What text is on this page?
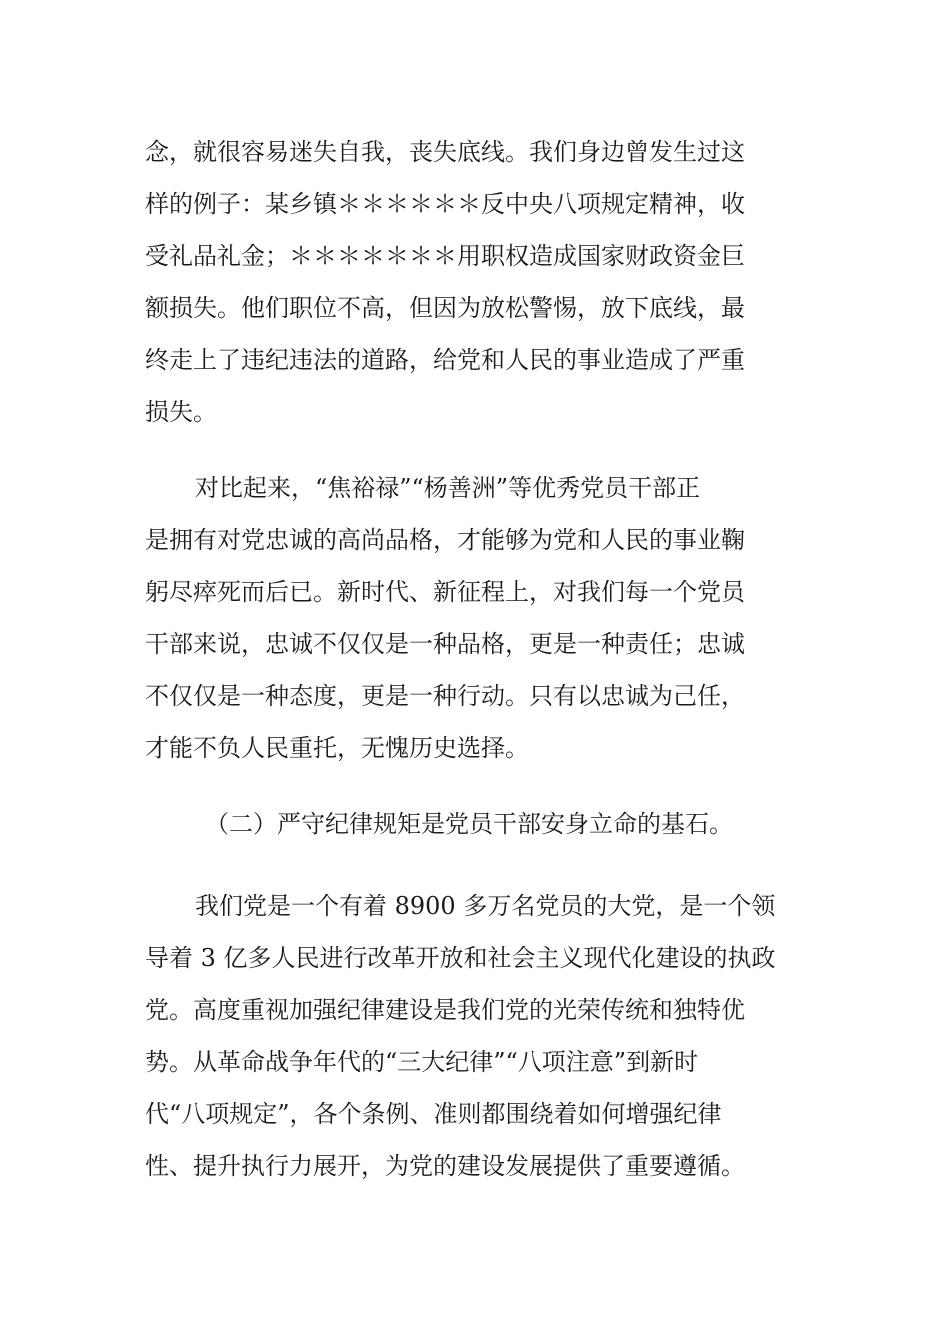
念，就很容易迷失自我，丧失底线。我们身边曾发生过这
样的例子：某乡镇＊＊＊＊＊＊反中央八项规定精神，收
受礼品礼金；＊＊＊＊＊＊＊用职权造成国家财政资金巨
额损失。他们职位不高，但因为放松警惕，放下底线，最
终走上了违纪违法的道路，给党和人民的事业造成了严重
损失。
对比起来，“焦裕禄”“杨善洲”等优秀党员干部正
是拥有对党忠诚的高尚品格，才能够为党和人民的事业鞠
躬尽瘁死而后已。新时代、新征程上，对我们每一个党员
干部来说，忠诚不仅仅是一种品格，更是一种责任；忠诚
不仅仅是一种态度，更是一种行动。只有以忠诚为己任，
才能不负人民重托，无愧历史选择。
（二）严守纪律规矩是党员干部安身立命的基石。
我们党是一个有着 8900 多万名党员的大党，是一个领
导着 3 亿多人民进行改革开放和社会主义现代化建设的执政
党。高度重视加强纪律建设是我们党的光荣传统和独特优
势。从革命战争年代的“三大纪律”“八项注意”到新时
代“八项规定”，各个条例、准则都围绕着如何增强纪律
性、提升执行力展开，为党的建设发展提供了重要遵循。
